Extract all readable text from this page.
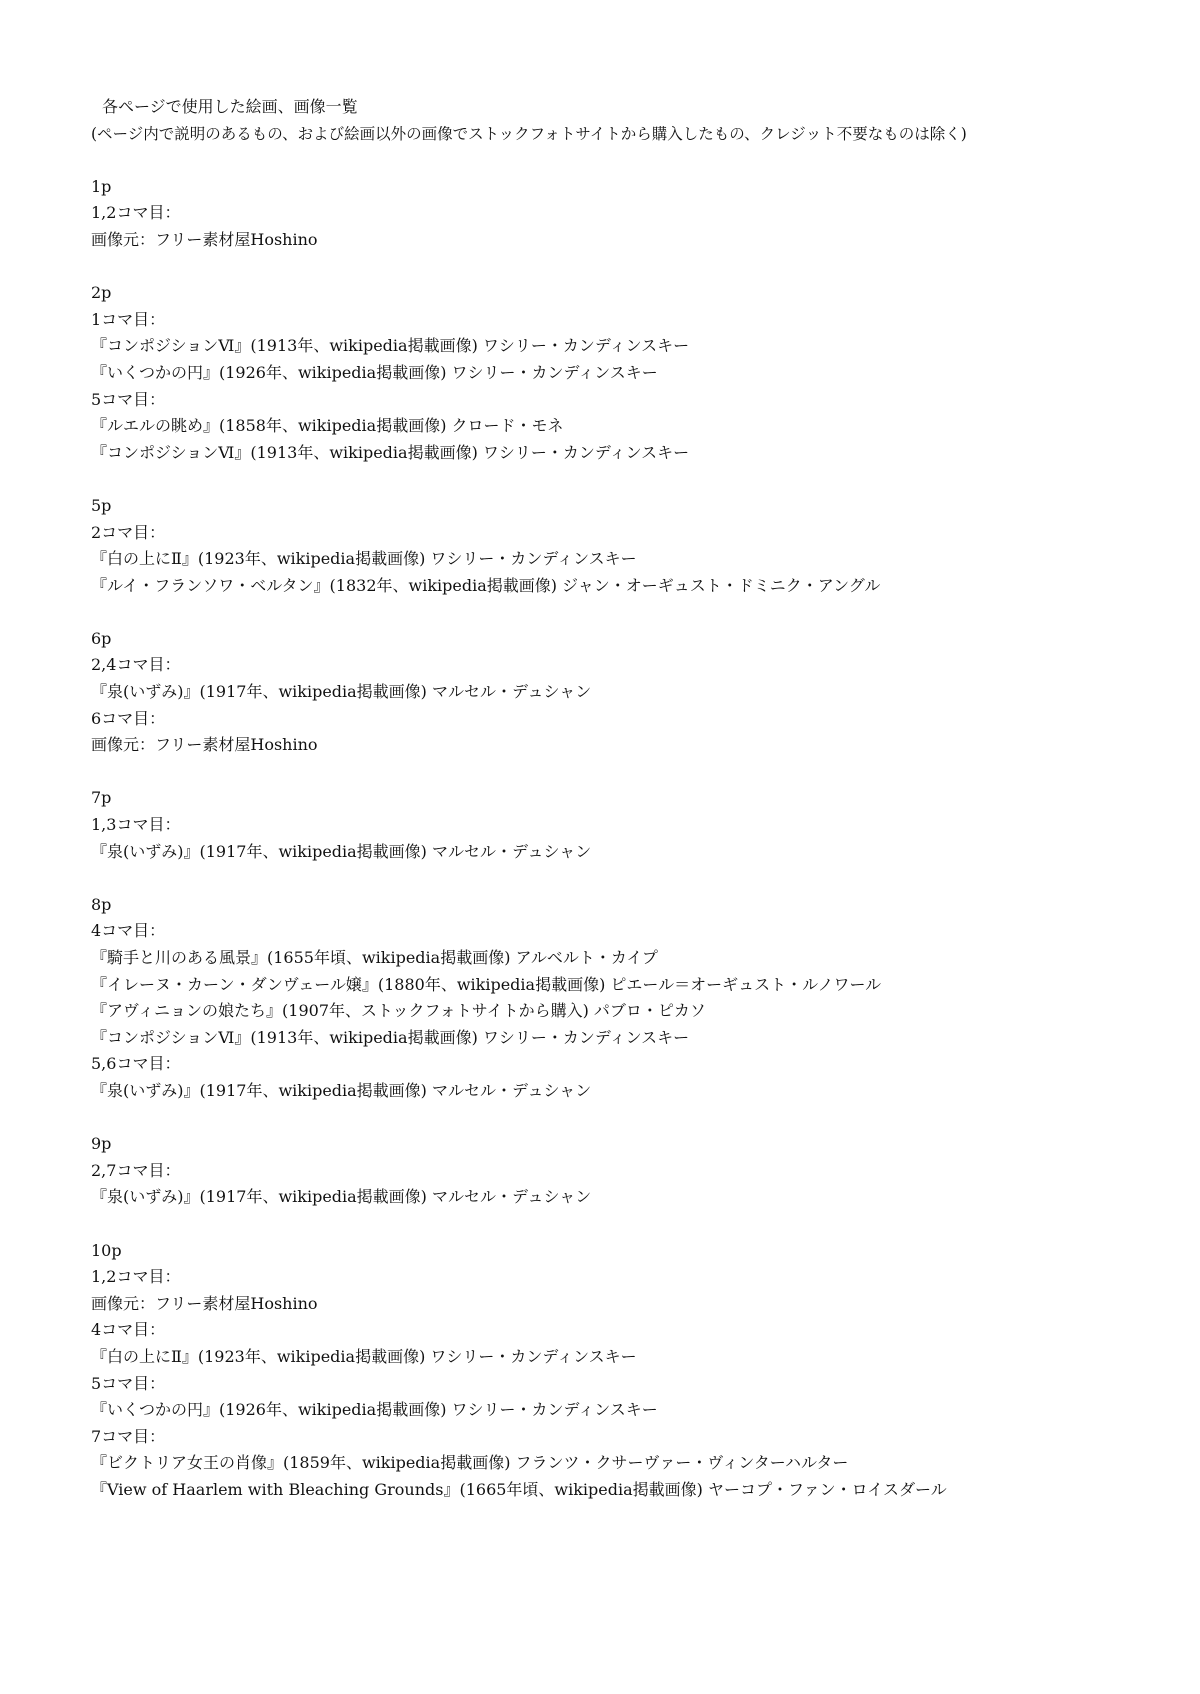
各ページで使用した絵画、画像一覧
(ページ内で説明のあるもの、および絵画以外の画像でストックフォトサイトから購入したもの、クレジット不要なものは除く)
1p
1,2コマ目：
画像元：フリー素材屋Hoshino
2p
1コマ目：
『コンポジションⅥ』(1913年、wikipedia掲載画像) ワシリー・カンディンスキー
『いくつかの円』(1926年、wikipedia掲載画像) ワシリー・カンディンスキー
5コマ目：
『ルエルの眺め』(1858年、wikipedia掲載画像) クロード・モネ
『コンポジションⅥ』(1913年、wikipedia掲載画像) ワシリー・カンディンスキー
5p
2コマ目：
『白の上にⅡ』(1923年、wikipedia掲載画像) ワシリー・カンディンスキー
『ルイ・フランソワ・ベルタン』(1832年、wikipedia掲載画像) ジャン・オーギュスト・ドミニク・アングル
6p
2,4コマ目：
『泉(いずみ)』(1917年、wikipedia掲載画像) マルセル・デュシャン
6コマ目：
画像元：フリー素材屋Hoshino
7p
1,3コマ目：
『泉(いずみ)』(1917年、wikipedia掲載画像) マルセル・デュシャン
8p
4コマ目：
『騎手と川のある風景』(1655年頃、wikipedia掲載画像) アルベルト・カイプ
『イレーヌ・カーン・ダンヴェール嬢』(1880年、wikipedia掲載画像) ピエール＝オーギュスト・ルノワール
『アヴィニョンの娘たち』(1907年、ストックフォトサイトから購入) パブロ・ピカソ
『コンポジションⅥ』(1913年、wikipedia掲載画像) ワシリー・カンディンスキー
5,6コマ目：
『泉(いずみ)』(1917年、wikipedia掲載画像) マルセル・デュシャン
9p
2,7コマ目：
『泉(いずみ)』(1917年、wikipedia掲載画像) マルセル・デュシャン
10p
1,2コマ目：
画像元：フリー素材屋Hoshino
4コマ目：
『白の上にⅡ』(1923年、wikipedia掲載画像) ワシリー・カンディンスキー
5コマ目：
『いくつかの円』(1926年、wikipedia掲載画像) ワシリー・カンディンスキー
7コマ目：
『ビクトリア女王の肖像』(1859年、wikipedia掲載画像) フランツ・クサーヴァー・ヴィンターハルター
『View of Haarlem with Bleaching Grounds』(1665年頃、wikipedia掲載画像) ヤーコプ・ファン・ロイスダール
